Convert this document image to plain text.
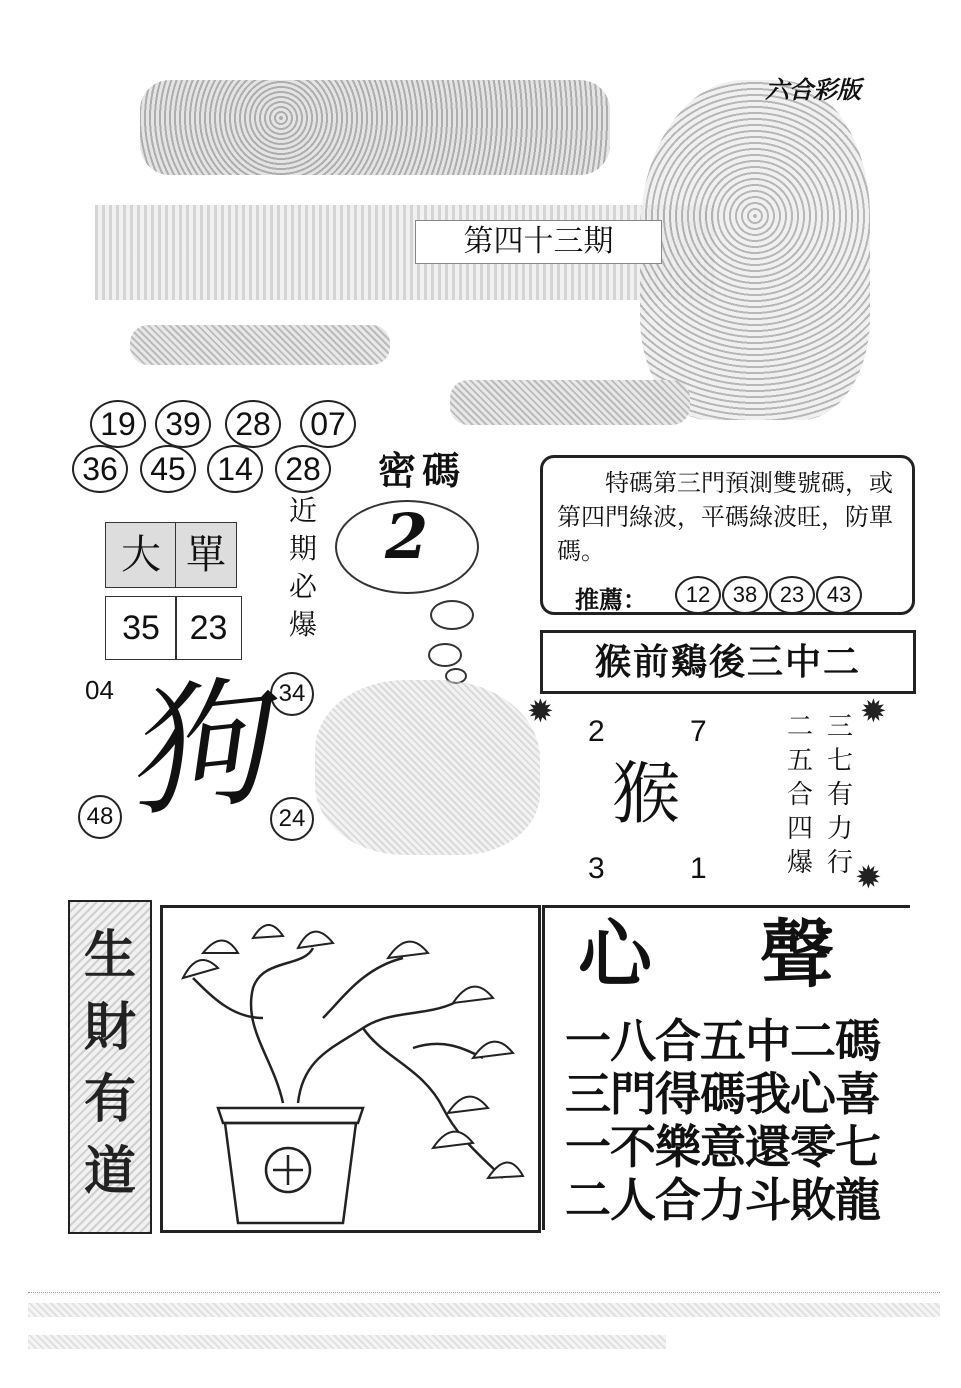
六合彩版
第四十三期
19 39	28	07
36	45 14	28 密碼
2
大 單
35 23
近
期
必
爆
04	34
48	24
狗
特碼第三門預測雙號碼，或第四門綠波，平碼綠波旺，防單碼。
推薦：	12	38	23	43
猴前鷄後三中二
✹	✹
✹
2	7
3	1
猴
二
五
合
四
爆
三
七
有
力
行
生
財
有
道
心 聲
一八合五中二碼
三門得碼我心喜
一不樂意還零七
二人合力斗敗龍
